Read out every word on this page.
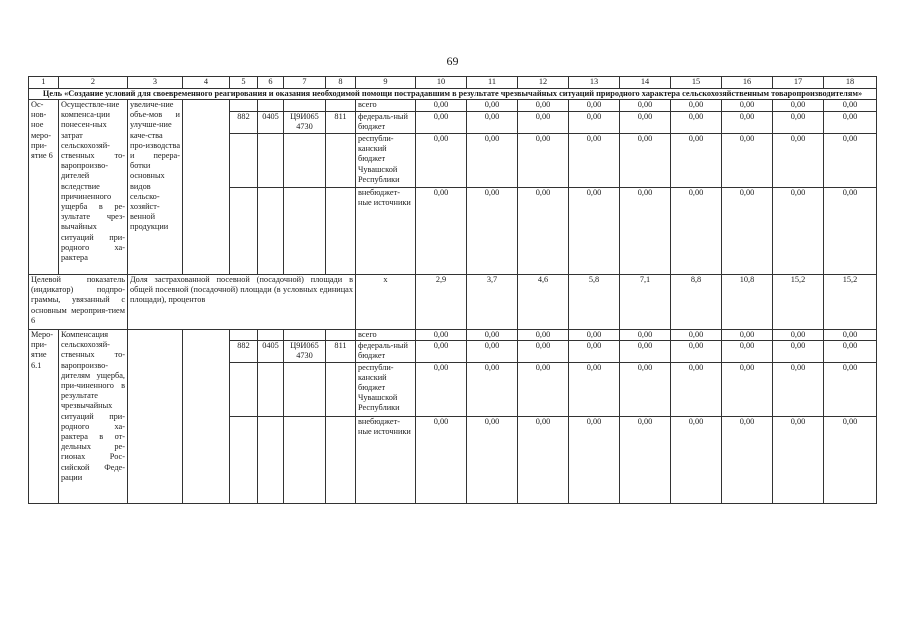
69
1	2	3	4	5	6	7	8	9	10	11	12	13	14	15	16	17	18
Цель «Создание условий для своевременного реагирования и оказания необходимой помощи пострадавшим в результате чрезвычайных ситуаций природного характера сельскохозяйственным товаропроизводителям»																	
Ос-нов-ное меро-при-ятие 6	Осуществле-ние компенса-ции понесен-ных затрат сельскохозяй-ственных то-варопроизво-дителей вследствие причиненного ущерба в ре-зультате чрез-вычайных ситуаций при-родного ха-рактера	увеличе-ние объе-мов и улучше-ние каче-ства про-изводства и перера-ботки основных видов сельско-хозяйст-венной продукции						всего	0,00	0,00	0,00	0,00	0,00	0,00	0,00	0,00	0,00
				882	0405	Ц9И065 4730	811	федераль-ный бюджет	0,00	0,00	0,00	0,00	0,00	0,00	0,00	0,00	0,00
								республи-канский бюджет Чувашской Республики	0,00	0,00	0,00	0,00	0,00	0,00	0,00	0,00	0,00
								внебюджет-ные источники	0,00	0,00	0,00	0,00	0,00	0,00	0,00	0,00	0,00
Целевой показатель (индикатор) подпро-граммы, увязанный с основным мероприя-тием 6		Доля застрахованной посевной (посадочной) площади в общей посевной (посадочной) площади (в условных единицах площади), процентов						х	2,9	3,7	4,6	5,8	7,1	8,8	10,8	15,2	15,2
Меро-при-ятие 6.1	Компенсация сельскохозяй-ственных то-варопроизво-дителям ущерба, при-чиненного в результате чрезвычайных ситуаций при-родного ха-рактера в от-дельных ре-гионах Рос-сийской Феде-рации							всего	0,00	0,00	0,00	0,00	0,00	0,00	0,00	0,00	0,00
				882	0405	Ц9И065 4730	811	федераль-ный бюджет	0,00	0,00	0,00	0,00	0,00	0,00	0,00	0,00	0,00
								республи-канский бюджет Чувашской Республики	0,00	0,00	0,00	0,00	0,00	0,00	0,00	0,00	0,00
								внебюджет-ные источники	0,00	0,00	0,00	0,00	0,00	0,00	0,00	0,00	0,00
